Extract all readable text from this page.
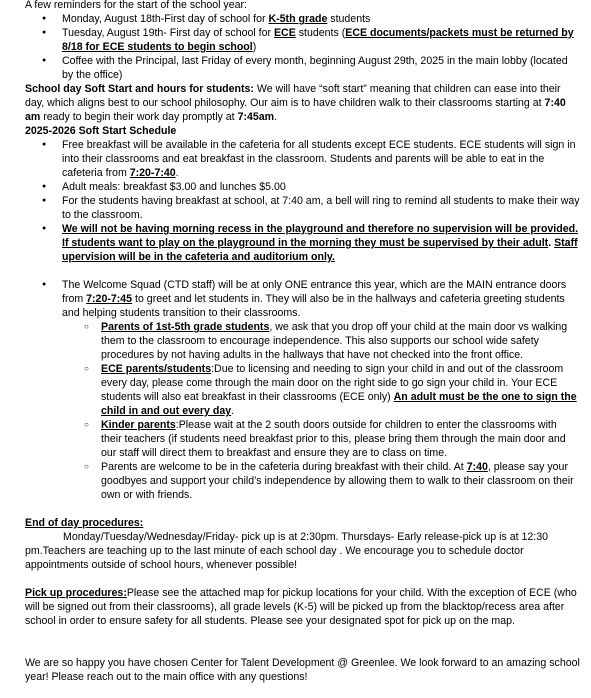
A few reminders for the start of the school year:

● Monday, August 18th-First day of school for K-5th grade students
● Tuesday, August 19th- First day of school for ECE students (ECE documents/packets must be returned by 8/18 for ECE students to begin school)
● Coffee with the Principal, last Friday of every month, beginning August 29th, 2025 in the main lobby (located by the office)

School day Soft Start and hours for students: We will have “soft start” meaning that children can ease into their day, which aligns best to our school philosophy. Our aim is to have children walk to their classrooms starting at 7:40 am ready to begin their work day promptly at 7:45am.

2025-2026 Soft Start Schedule

● Free breakfast will be available in the cafeteria for all students except ECE students. ECE students will sign in into their classrooms and eat breakfast in the classroom. Students and parents will be able to eat in the cafeteria from 7:20-7:40.
● Adult meals: breakfast $3.00 and lunches $5.00
● For the students having breakfast at school, at 7:40 am, a bell will ring to remind all students to make their way to the classroom.
● We will not be having morning recess in the playground and therefore no supervision will be provided. If students want to play on the playground in the morning they must be supervised by their adult. Staff upervision will be in the cafeteria and auditorium only.
● The Welcome Squad (CTD staff) will be at only ONE entrance this year, which are the MAIN entrance doors from 7:20-7:45 to greet and let students in. They will also be in the hallways and cafeteria greeting students and helping students transition to their classrooms.
○ Parents of 1st-5th grade students, we ask that you drop off your child at the main door vs walking them to the classroom to encourage independence. This also supports our school wide safety procedures by not having adults in the hallways that have not checked into the front office.
○ ECE parents/students:Due to licensing and needing to sign your child in and out of the classroom every day, please come through the main door on the right side to go sign your child in. Your ECE students will also eat breakfast in their classrooms (ECE only) An adult must be the one to sign the child in and out every day.
○ Kinder parents:Please wait at the 2 south doors outside for children to enter the classrooms with their teachers (if students need breakfast prior to this, please bring them through the main door and our staff will direct them to breakfast and ensure they are to class on time.
○ Parents are welcome to be in the cafeteria during breakfast with their child. At 7:40, please say your goodbyes and support your child’s independence by allowing them to walk to their classroom on their own or with friends.

End of day procedures:

Monday/Tuesday/Wednesday/Friday- pick up is at 2:30pm. Thursdays- Early release-pick up is at 12:30 pm.Teachers are teaching up to the last minute of each school day . We encourage you to schedule doctor appointments outside of school hours, whenever possible!

Pick up procedures:Please see the attached map for pickup locations for your child. With the exception of ECE (who will be signed out from their classrooms), all grade levels (K-5) will be picked up from the blacktop/recess area after school in order to ensure safety for all students. Please see your designated spot for pick up on the map.

We are so happy you have chosen Center for Talent Development @ Greenlee. We look forward to an amazing school year! Please reach out to the main office with any questions!
